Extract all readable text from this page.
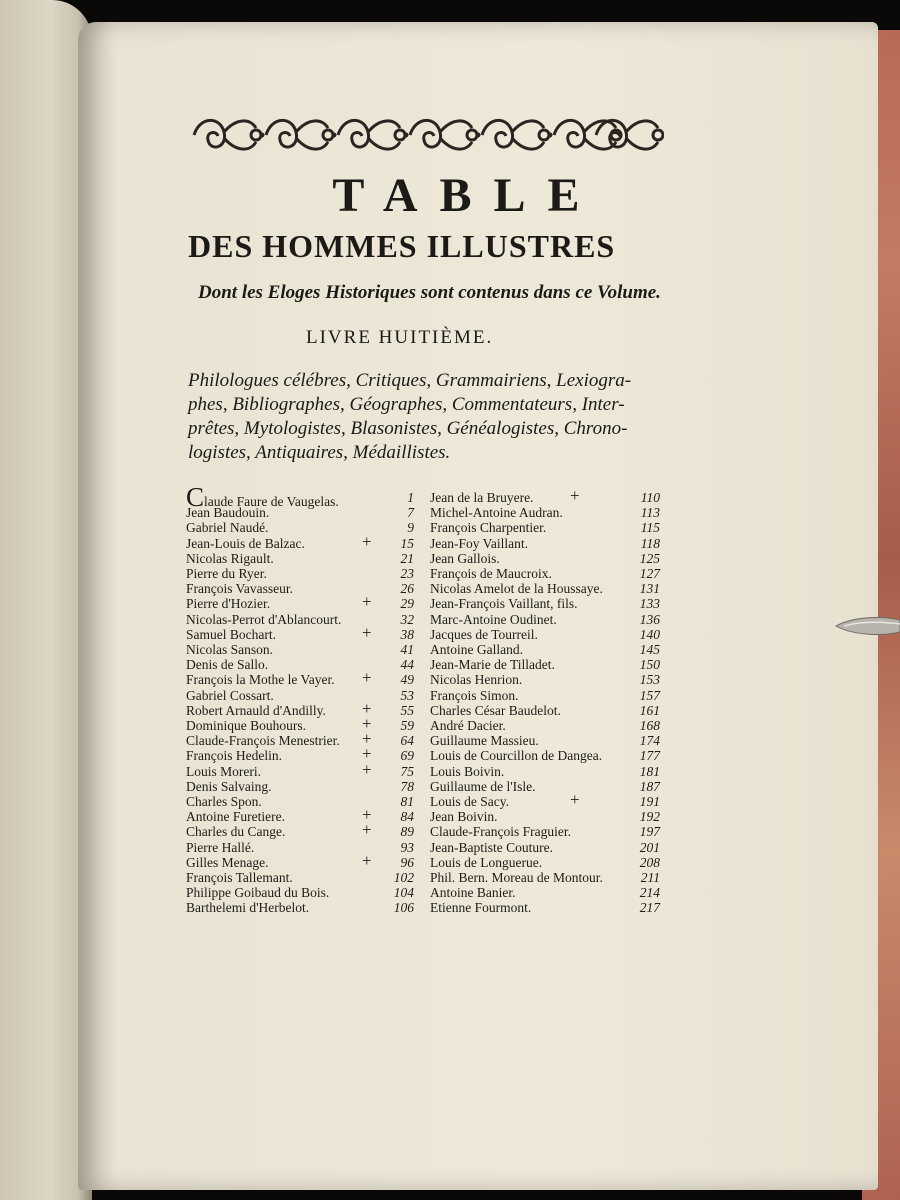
TABLE
DES HOMMES ILLUSTRES

Dont les Eloges Historiques sont contenus dans ce Volume.

LIVRE HUITIÈME.

Philologues célébres, Critiques, Grammairiens, Lexiogra-

phes, Bibliographes, Géographes, Commentateurs, Inter-

prêtes, Mytologistes, Blasonistes, Généalogistes, Chrono-

logistes, Antiquaires, Médaillistes.

Claude Faure de Vaugelas.	1
Jean Baudouin.	7
Gabriel Naudé.	9
Jean-Louis de Balzac.	+ 15
Nicolas Rigault.	21
Pierre du Ryer.	23
François Vavasseur.	26
Pierre d'Hozier.	+ 29
Nicolas-Perrot d'Ablancourt.	32
Samuel Bochart.	+ 38
Nicolas Sanson.	41
Denis de Sallo.	44
François la Mothe le Vayer. + 49
Gabriel Cossart.	53
Robert Arnauld d'Andilly. + 55
Dominique Bouhours.	+ 59
Claude-François Menestrier. + 64
François Hedelin.	+ 69
Louis Moreri.	+ 75
Denis Salvaing.	78
Charles Spon.	81
Antoine Furetiere.	+ 84
Charles du Cange.	+ 89
Pierre Hallé.	93
Gilles Menage.	+ 96
François Tallemant.	102
Philippe Goibaud du Bois.	104
Barthelemi d'Herbelot.	106
Jean de la Bruyere. +	110
Michel-Antoine Audran.	113
François Charpentier.	115
Jean-Foy Vaillant.	118
Jean Gallois.	125
François de Maucroix.	127
Nicolas Amelot de la Houssaye.	131
Jean-François Vaillant, fils.	133
Marc-Antoine Oudinet.	136
Jacques de Tourreil.	140
Antoine Galland.	145
Jean-Marie de Tilladet.	150
Nicolas Henrion.	153
François Simon.	157
Charles César Baudelot.	161
André Dacier.	168
Guillaume Massieu.	174
Louis de Courcillon de Dangea.	177
Louis Boivin.	181
Guillaume de l'Isle.	187
Louis de Sacy.	+	191
Jean Boivin.	192
Claude-François Fraguier.	197
Jean-Baptiste Couture.	201
Louis de Longuerue.	208
Phil. Bern. Moreau de Montour.	211
Antoine Banier.	214
Etienne Fourmont.	217
